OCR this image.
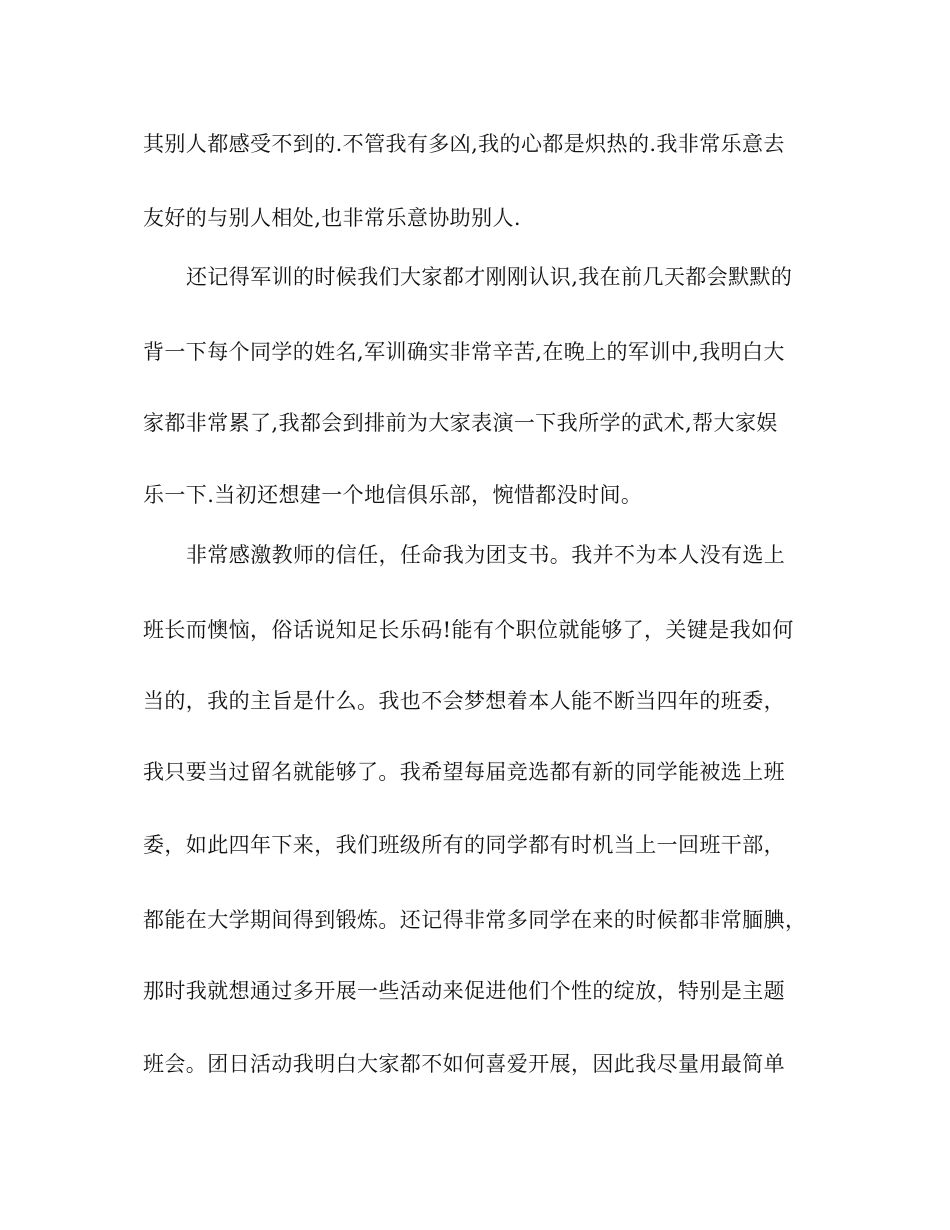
其别人都感受不到的.不管我有多凶,我的心都是炽热的.我非常乐意去
友好的与别人相处,也非常乐意协助别人.
还记得军训的时候我们大家都才刚刚认识,我在前几天都会默默的
背一下每个同学的姓名,军训确实非常辛苦,在晚上的军训中,我明白大
家都非常累了,我都会到排前为大家表演一下我所学的武术,帮大家娱
乐一下.当初还想建一个地信俱乐部，惋惜都没时间。
非常感激教师的信任，任命我为团支书。我并不为本人没有选上
班长而懊恼，俗话说知足长乐码!能有个职位就能够了，关键是我如何
当的，我的主旨是什么。我也不会梦想着本人能不断当四年的班委，
我只要当过留名就能够了。我希望每届竞选都有新的同学能被选上班
委，如此四年下来，我们班级所有的同学都有时机当上一回班干部，
都能在大学期间得到锻炼。还记得非常多同学在来的时候都非常腼腆，
那时我就想通过多开展一些活动来促进他们个性的绽放，特别是主题
班会。团日活动我明白大家都不如何喜爱开展，因此我尽量用最简单
